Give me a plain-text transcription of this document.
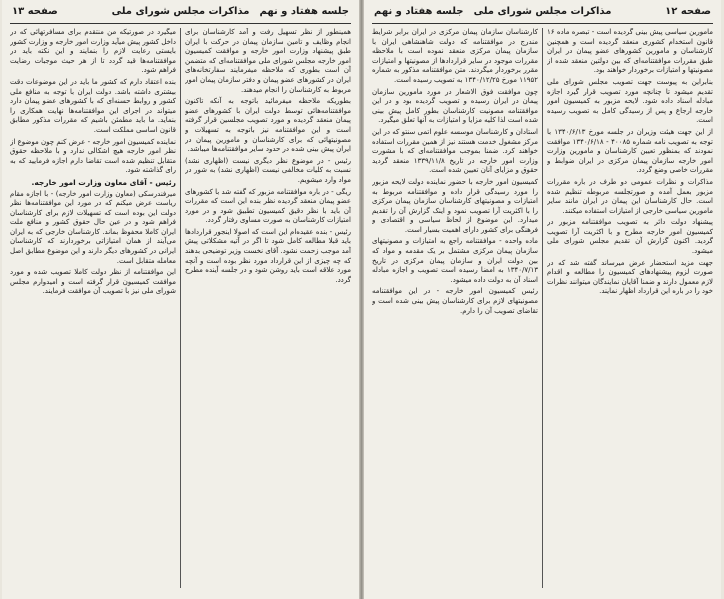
جلسه هفتاد و نهم
مذاکرات مجلس شورای ملی
صفحه ۱۳

همینطور از نظر تسهیل رفت و آمد کارشناسان برای انجام وظایف و تامین سازمان پیمان در حرکت با ایران طبق پیشنهاد وزارت امور خارجه و موافقت کمیسیون امور خارجه مجلس شورای ملی موافقتنامه‌ای که متضمن آن است بطوری که ملاحظه میفرمایند سفارتخانه‌های ایران در کشورهای عضو پیمان و دفتر سازمان پیمان امور مربوط به کارشناسان را انجام میدهند.

بطوریکه ملاحظه میفرمائید باتوجه به آنکه تاکنون موافقتنامه‌هائی توسط دولت ایران با کشورهای عضو پیمان منعقد گردیده و مورد تصویب مجلسین قرار گرفته است و این موافقتنامه نیز باتوجه به تسهیلات و مصونیتهائی که برای کارشناسان و مامورین پیمان در ایران پیش بینی شده در حدود سایر موافقتنامه‌ها میباشد.

رئیس - در موضوع نظر دیگری نیست (اظهاری نشد) نسبت به کلیات مخالفی نیست (اظهاری نشد) به شور در مواد وارد میشویم.

ریگی - در باره موافقتنامه مزبور که گفته شد با کشورهای عضو پیمان منعقد گردیده نظر بنده این است که مقررات آن باید با نظر دقیق کمیسیون تطبیق شود و در مورد امتیازات کارشناسان به صورت مساوی رفتار گردد.

رئیس - بنده عقیده‌ام این است که اصولا اینجور قراردادها باید قبلا مطالعه کامل شود تا اگر در آتیه مشکلاتی پیش آمد موجب زحمت نشود. آقای نخست وزیر توضیحی بدهند که چه چیزی از این قرارداد مورد نظر بوده است و آنچه مورد علاقه است باید روشن شود و در جلسه آینده مطرح گردد.

میگیرد در صورتیکه من منتقدم برای مسافرتهائی که در داخل کشور پیش میآید وزارت امور خارجه و وزارت کشور بایستی رعایت لازم را بنمایند و این نکته باید در موافقتنامه‌ها قید گردد تا از هر حیث موجبات رضایت فراهم شود.

بنده اعتقاد دارم که کشور ما باید در این موضوعات دقت بیشتری داشته باشد. دولت ایران با توجه به منافع ملی کشور و روابط حسنه‌ای که با کشورهای عضو پیمان دارد میتواند در اجرای این موافقتنامه‌ها نهایت همکاری را بنماید. ما باید مطمئن باشیم که مقررات مذکور مطابق قانون اساسی مملکت است.

نماینده کمیسیون امور خارجه - عرض کنم چون موضوع از نظر امور خارجه هیچ اشکالی ندارد و با ملاحظه حقوق متقابل تنظیم شده است تقاضا دارم اجازه فرمایید که به رای گذاشته شود.

رئیس - آقای معاون وزارت امور خارجه.

میرفندرسکی (معاون وزارت امور خارجه) - با اجازه مقام ریاست عرض میکنم که در مورد این موافقتنامه‌ها نظر دولت این بوده است که تسهیلات لازم برای کارشناسان فراهم شود و در عین حال حقوق کشور و منافع ملت ایران کاملا محفوظ بماند. کارشناسان خارجی که به ایران می‌آیند از همان امتیازاتی برخوردارند که کارشناسان ایرانی در کشورهای دیگر دارند و این موضوع مطابق اصل معامله متقابل است.

این موافقتنامه از نظر دولت کاملا تصویب شده و مورد موافقت کمیسیون قرار گرفته است و امیدوارم مجلس شورای ملی نیز با تصویب آن موافقت فرمایند.

صفحه ۱۲
مذاکرات مجلس شورای ملی
جلسه هفتاد و نهم

مامورین سیاسی پیش بینی گردیده است - تبصره ماده ۱۶ قانون استخدام کشوری منعقد گردیده است و همچنین کارشناسان و مامورین کشورهای عضو پیمان در ایران طبق مقررات موافقتنامه‌ای که بین دولتین منعقد شده از مصونیتها و امتیازات برخوردار خواهند بود.

بنابراین به پیوست جهت تصویب مجلس شورای ملی تقدیم میشود تا چنانچه مورد تصویب قرار گیرد اجازه مبادله اسناد داده شود. لایحه مزبور به کمیسیون امور خارجه ارجاع و پس از رسیدگی کامل به تصویب رسیده است.

از این جهت هیئت وزیران در جلسه مورخ ۱۳۴۰/۶/۱۳ با توجه به تصویب نامه شماره ۴۰۰۸۵ - ۱۳۴۰/۶/۱۸ موافقت نمودند که بمنظور تعیین کارشناسان و مامورین وزارت امور خارجه سازمان پیمان مرکزی در ایران ضوابط و مقررات خاصی وضع گردد.

مذاکرات و نظرات عمومی دو طرف در باره مقررات مزبور بعمل آمده و صورتجلسه مربوطه تنظیم شده است. حال کارشناسان این پیمان در ایران مانند سایر مامورین سیاسی خارجی از امتیازات استفاده میکنند.

پیشنهاد دولت دائر به تصویب موافقتنامه مزبور در کمیسیون امور خارجه مطرح و با اکثریت آرا تصویب گردید. اکنون گزارش آن تقدیم مجلس شورای ملی میشود.

جهت مزید استحضار عرض میرساند گفته شد که در صورت لزوم پیشنهادهای کمیسیون را مطالعه و اقدام لازم معمول دارند و ضمنا آقایان نمایندگان میتوانند نظرات خود را در باره این قرارداد اظهار نمایند.

کارشناسان سازمان پیمان مرکزی در ایران برابر شرایط مندرج در موافقتنامه که دولت شاهنشاهی ایران با سازمان پیمان مرکزی منعقد نموده است با ملاحظه مقررات موجود در سایر قراردادها از مصونیتها و امتیازات مقرر برخوردار میگردند. متن موافقتنامه مذکور به شماره ۱۱۹۵۲ مورخ ۱۳۴۰/۱۲/۲۵ به تصویب رسیده است.

چون موافقت فوق الاشعار در مورد مامورین سازمان پیمان در ایران رسیده و تصویب گردیده بود و در این موافقتنامه مصونیت کارشناسان بطور کامل پیش بینی شده است لذا کلیه مزایا و امتیازات به آنها تعلق میگیرد.

استادان و کارشناسان موسسه علوم اتمی سنتو که در این مرکز مشغول خدمت هستند نیز از همین مقررات استفاده خواهند کرد. ضمنا بموجب موافقتنامه‌ای که با مشورت وزارت امور خارجه در تاریخ ۱۳۳۹/۱۱/۸ منعقد گردید حقوق و مزایای آنان تعیین شده است.

کمیسیون امور خارجه با حضور نماینده دولت لایحه مزبور را مورد رسیدگی قرار داده و موافقتنامه مربوط به امتیازات و مصونیتهای کارشناسان سازمان پیمان مرکزی را با اکثریت آرا تصویب نمود و اینک گزارش آن را تقدیم میدارد. این موضوع از لحاظ سیاسی و اقتصادی و فرهنگی برای کشور دارای اهمیت بسیار است.

ماده واحده - موافقتنامه راجع به امتیازات و مصونیتهای سازمان پیمان مرکزی مشتمل بر یک مقدمه و مواد که بین دولت ایران و سازمان پیمان مرکزی در تاریخ ۱۳۴۰/۷/۱۳ به امضا رسیده است تصویب و اجازه مبادله اسناد آن به دولت داده میشود.

رئیس کمیسیون امور خارجه - در این موافقتنامه مصونیتهای لازم برای کارشناسان پیش بینی شده است و تقاضای تصویب آن را دارم.
